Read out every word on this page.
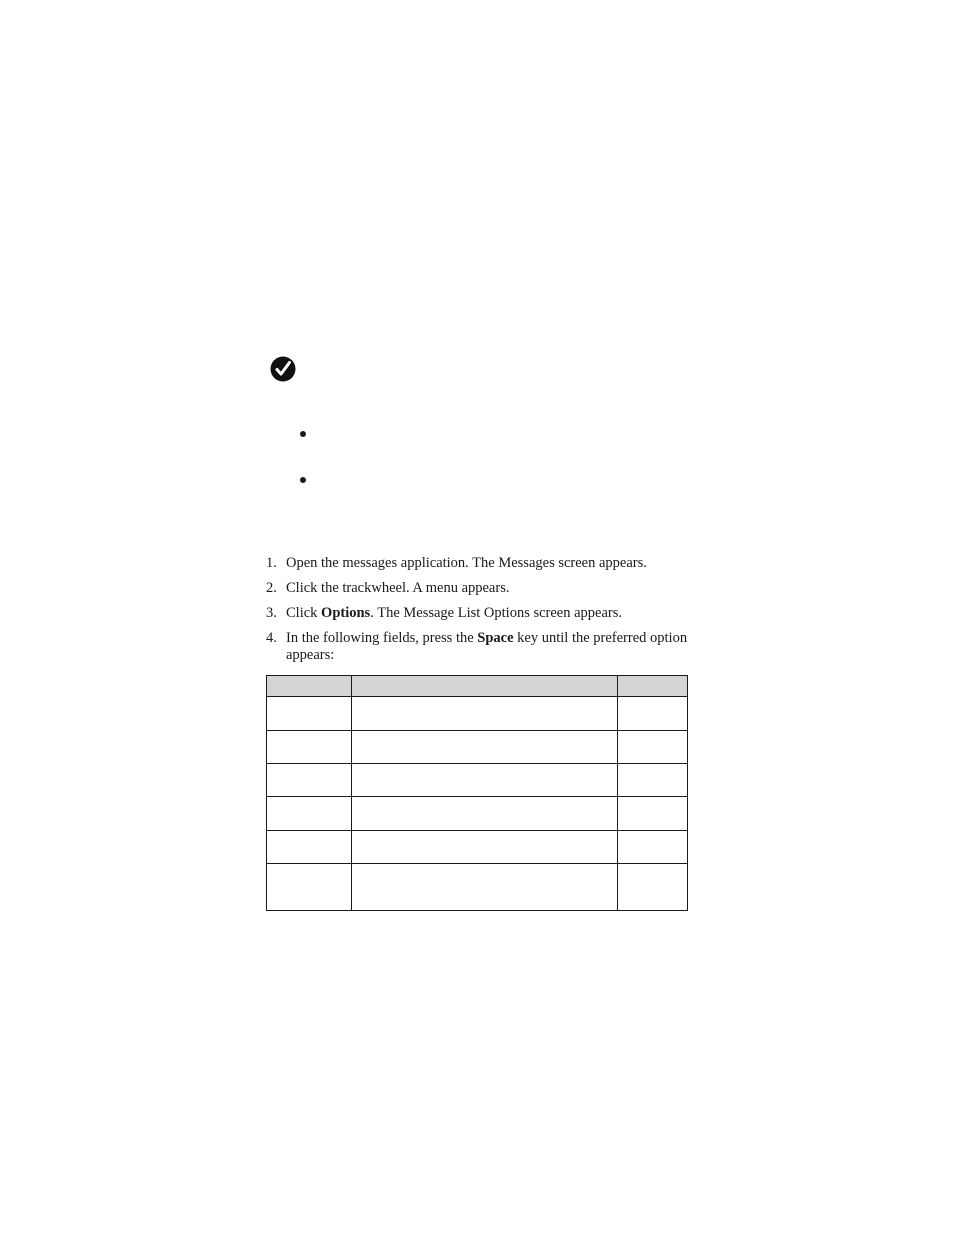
1. Open the messages application. The Messages screen appears.
2. Click the trackwheel. A menu appears.
3. Click Options. The Message List Options screen appears.
4. In the following fields, press the Space key until the preferred option appears:
